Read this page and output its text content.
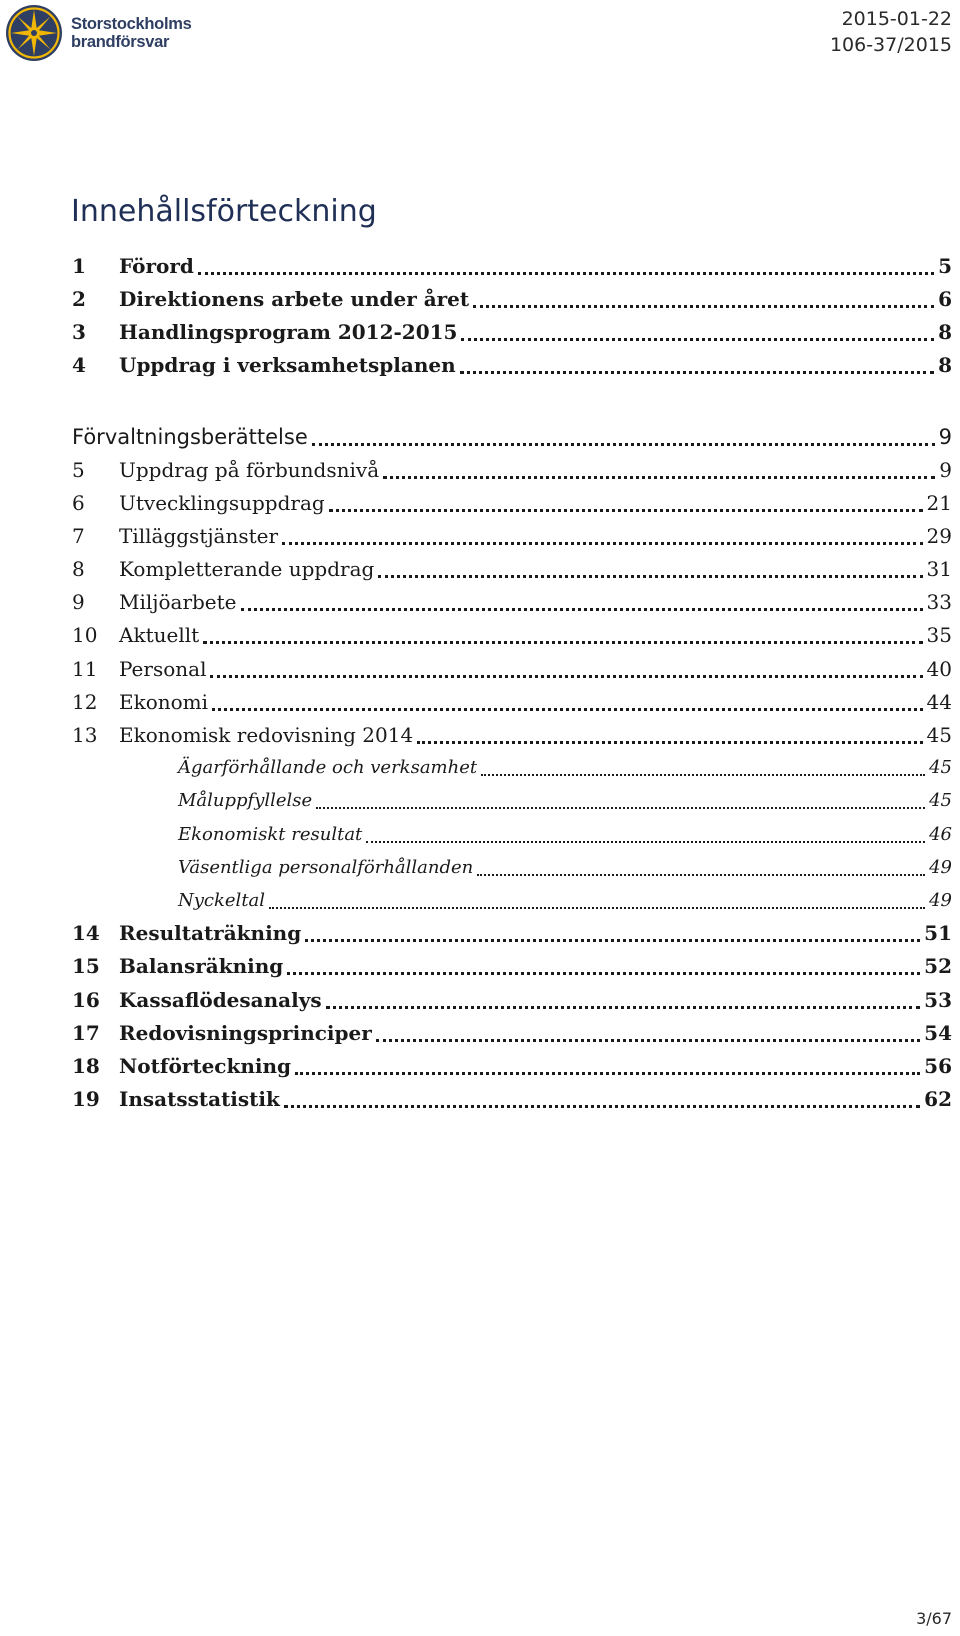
Storstockholms
brandförsvar
2015-01-22
106-37/2015
Innehållsförteckning
1	Förord	5
2	Direktionens arbete under året	6
3	Handlingsprogram 2012-2015	8
4	Uppdrag i verksamhetsplanen	8
Förvaltningsberättelse	9
5	Uppdrag på förbundsnivå	9
6	Utvecklingsuppdrag	21
7	Tilläggstjänster	29
8	Kompletterande uppdrag	31
9	Miljöarbete	33
10	Aktuellt	35
11	Personal	40
12	Ekonomi	44
13	Ekonomisk redovisning 2014	45
Ägarförhållande och verksamhet	45
Måluppfyllelse	45
Ekonomiskt resultat	46
Väsentliga personalförhållanden	49
Nyckeltal	49
14 Resultaträkning	51
15 Balansräkning	52
16 Kassaflödesanalys	53
17 Redovisningsprinciper	54
18 Notförteckning	56
19 Insatsstatistik	62
3/67
